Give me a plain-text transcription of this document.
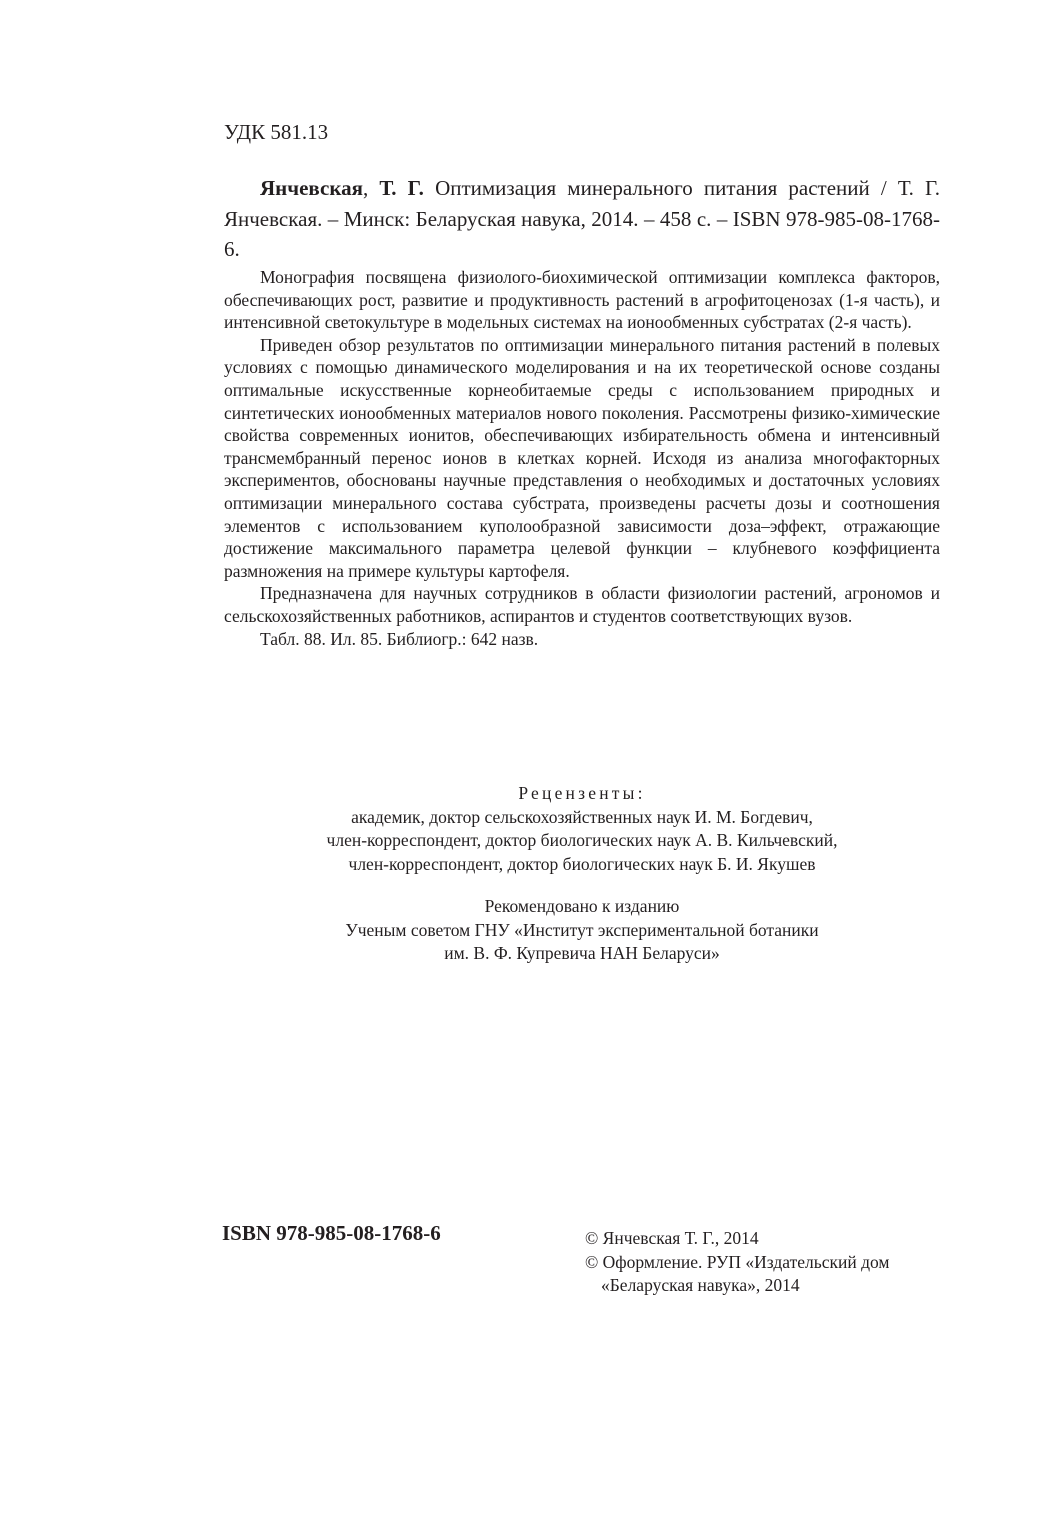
УДК 581.13
Янчевская, Т. Г. Оптимизация минерального питания растений / Т. Г. Янчевская. – Минск: Беларуская навука, 2014. – 458 с. – ISBN 978-985-08-1768-6.

Монография посвящена физиолого-биохимической оптимизации комплекса факторов, обеспечивающих рост, развитие и продуктивность растений в агрофитоценозах (1-я часть), и интенсивной светокультуре в модельных системах на ионообменных субстратах (2-я часть).

Приведен обзор результатов по оптимизации минерального питания растений в полевых условиях с помощью динамического моделирования и на их теоретической основе созданы оптимальные искусственные корнеобитаемые среды с использованием природных и синтетических ионообменных материалов нового поколения. Рассмотрены физико-химические свойства современных ионитов, обеспечивающих избирательность обмена и интенсивный трансмембранный перенос ионов в клетках корней. Исходя из анализа многофакторных экспериментов, обоснованы научные представления о необходимых и достаточных условиях оптимизации минерального состава субстрата, произведены расчеты дозы и соотношения элементов с использованием куполообразной зависимости доза–эффект, отражающие достижение максимального параметра целевой функции – клубневого коэффициента размножения на примере культуры картофеля.

Предназначена для научных сотрудников в области физиологии растений, агрономов и сельскохозяйственных работников, аспирантов и студентов соответствующих вузов.

Табл. 88. Ил. 85. Библиогр.: 642 назв.

Рецензенты:
академик, доктор сельскохозяйственных наук И. М. Богдевич,
член-корреспондент, доктор биологических наук А. В. Кильчевский,
член-корреспондент, доктор биологических наук Б. И. Якушев
Рекомендовано к изданию
Ученым советом ГНУ «Институт экспериментальной ботаники
им. В. Ф. Купревича НАН Беларуси»
ISBN 978-985-08-1768-6	© Янчевская Т. Г., 2014
© Оформление. РУП «Издательский дом
«Беларуская навука», 2014
